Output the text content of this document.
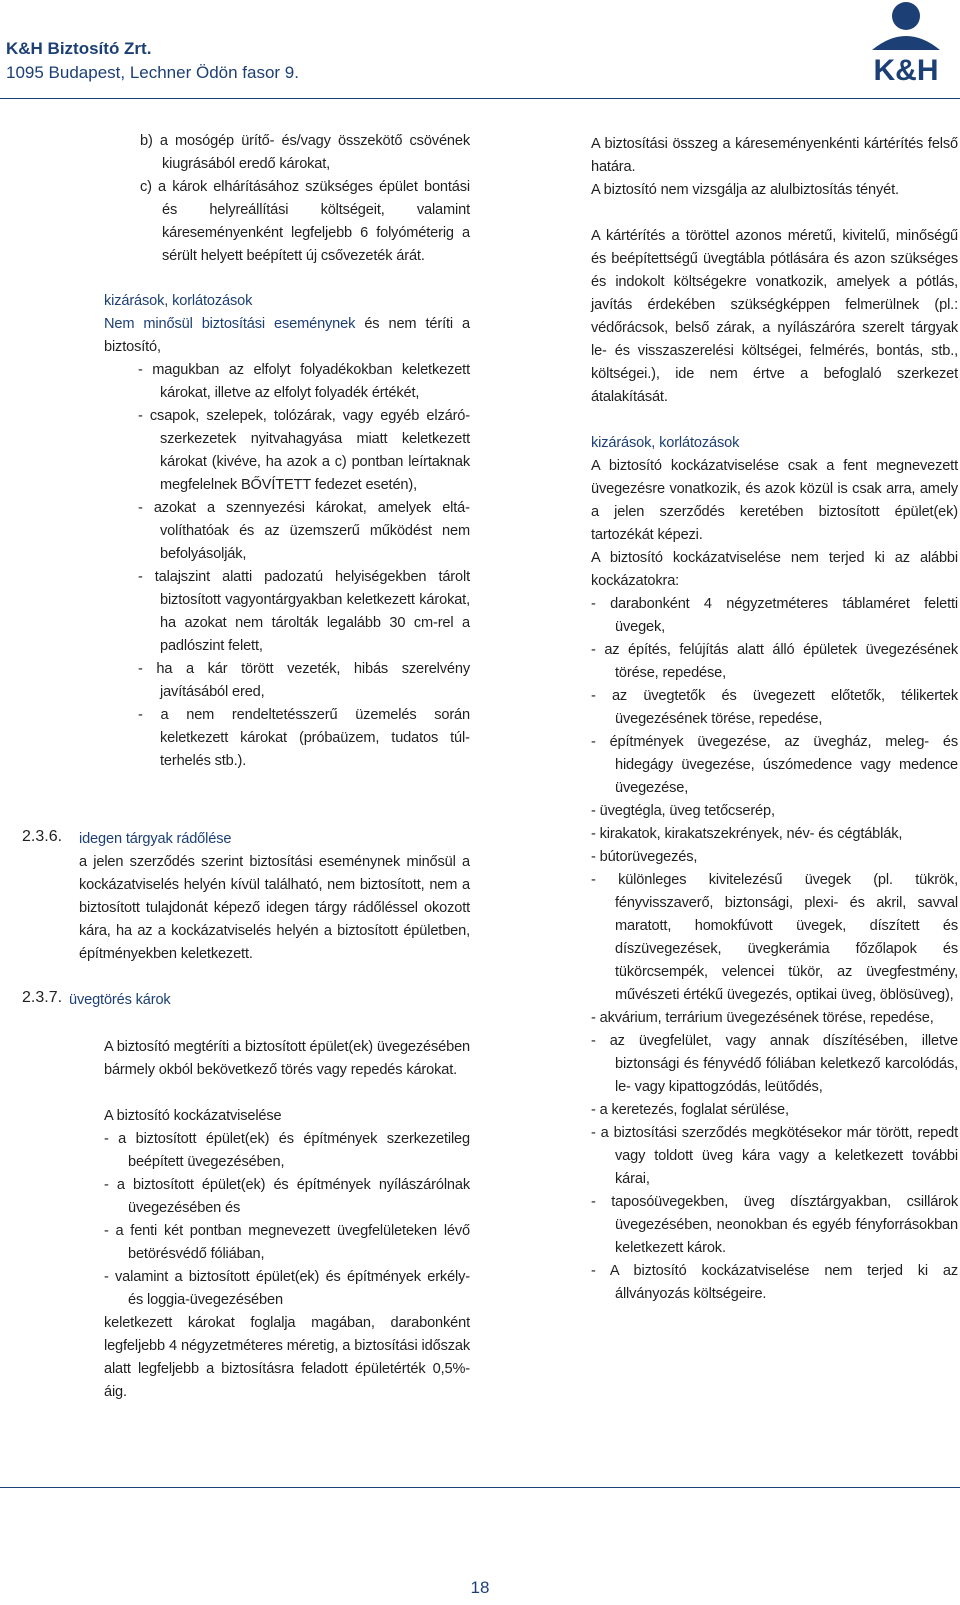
K&H Biztosító Zrt.
1095 Budapest, Lechner Ödön fasor 9.	K&H

b) a mosógép ürítő- és/vagy összekötő csövének kiugrásából eredő károkat,

c) a károk elhárításához szükséges épület bontási és helyreállítási költségeit, valamint káreseményenként legfeljebb 6 folyóméterig a sérült helyett beépített új csővezeték árát.

kizárások, korlátozások

Nem minősül biztosítási eseménynek és nem téríti a biztosító,

- magukban az elfolyt folyadékokban keletkezett károkat, illetve az elfolyt folyadék értékét,

- csapok, szelepek, tolózárak, vagy egyéb elzáró-szerkezetek nyitvahagyása miatt keletkezett károkat (kivéve, ha azok a c) pontban leírtaknak megfelelnek BŐVÍTETT fedezet esetén),

- azokat a szennyezési károkat, amelyek eltávolíthatóak és az üzemszerű működést nem befolyásolják,

- talajszint alatti padozatú helyiségekben tárolt biztosított vagyontárgyakban keletkezett károkat, ha azokat nem tárolták legalább 30 cm-rel a padlószint felett,

- ha a kár törött vezeték, hibás szerelvény javításából ered,

- a nem rendeltetésszerű üzemelés során keletkezett károkat (próbaüzem, tudatos túlterhelés stb.).

2.3.6. idegen tárgyak rádőlése

a jelen szerződés szerint biztosítási eseménynek minősül a kockázatviselés helyén kívül található, nem biztosított, nem a biztosított tulajdonát képező idegen tárgy rádőléssel okozott kára, ha az a kockázatviselés helyén a biztosított épületben, építményekben keletkezett.

2.3.7. üvegtörés károk

A biztosító megtéríti a biztosított épület(ek) üvegezésében bármely okból bekövetkező törés vagy repedés károkat.

A biztosító kockázatviselése

- a biztosított épület(ek) és építmények szerkezetileg beépített üvegezésében,

- a biztosított épület(ek) és építmények nyílászárólnak üvegezésében és

- a fenti két pontban megnevezett üvegfelületeken lévő betörésvédő fóliában,

- valamint a biztosított épület(ek) és építmények erkély- és loggia-üvegezésében

keletkezett károkat foglalja magában, darabonként legfeljebb 4 négyzetméteres méretig, a biztosítási időszak alatt legfeljebb a biztosításra feladott épületérték 0,5%-áig.

A biztosítási összeg a káreseményenkénti kártérítés felső határa.

A biztosító nem vizsgálja az alulbiztosítás tényét.

A kártérítés a töröttel azonos méretű, kivitelű, minőségű és beépítettségű üvegtábla pótlására és azon szükséges és indokolt költségekre vonatkozik, amelyek a pótlás, javítás érdekében szükségképpen felmerülnek (pl.: védőrácsok, belső zárak, a nyílászáróra szerelt tárgyak le- és visszaszerelési költségei, felmérés, bontás, stb., költségei.), ide nem értve a befoglaló szerkezet átalakítását.

kizárások, korlátozások

A biztosító kockázatviselése csak a fent megnevezett üvegezésre vonatkozik, és azok közül is csak arra, amely a jelen szerződés keretében biztosított épület(ek) tartozékát képezi.

A biztosító kockázatviselése nem terjed ki az alábbi kockázatokra:

- darabonként 4 négyzetméteres táblaméret feletti üvegek,

- az építés, felújítás alatt álló épületek üvegezésének törése, repedése,

- az üvegtetők és üvegezett előtetők, télikertek üvegezésének törése, repedése,

- építmények üvegezése, az üvegház, meleg- és hidegágy üvegezése, úszómedence vagy medence üvegezése,

- üvegtégla, üveg tetőcserép,

- kirakatok, kirakatszekrények, név- és cégtáblák,

- bútorüvegezés,

- különleges kivitelezésű üvegek (pl. tükrök, fényvisszaverő, biztonsági, plexi- és akril, savval maratott, homokfúvott üvegek, díszített és díszüvegezések, üvegkerámia főzőlapok és tükörcsempék, velencei tükör, az üvegfestmény, művészeti értékű üvegezés, optikai üveg, öblösüveg),

- akvárium, terrárium üvegezésének törése, repedése,

- az üvegfelület, vagy annak díszítésében, illetve biztonsági és fényvédő fóliában keletkező karcolódás, le- vagy kipattogzódás, leütődés,

- a keretezés, foglalat sérülése,

- a biztosítási szerződés megkötésekor már törött, repedt vagy toldott üveg kára vagy a keletkezett további kárai,

- taposóüvegekben, üveg dísztárgyakban, csillárok üvegezésében, neonokban és egyéb fényforrásokban keletkezett károk.

- A biztosító kockázatviselése nem terjed ki az állványozás költségeire.

18
